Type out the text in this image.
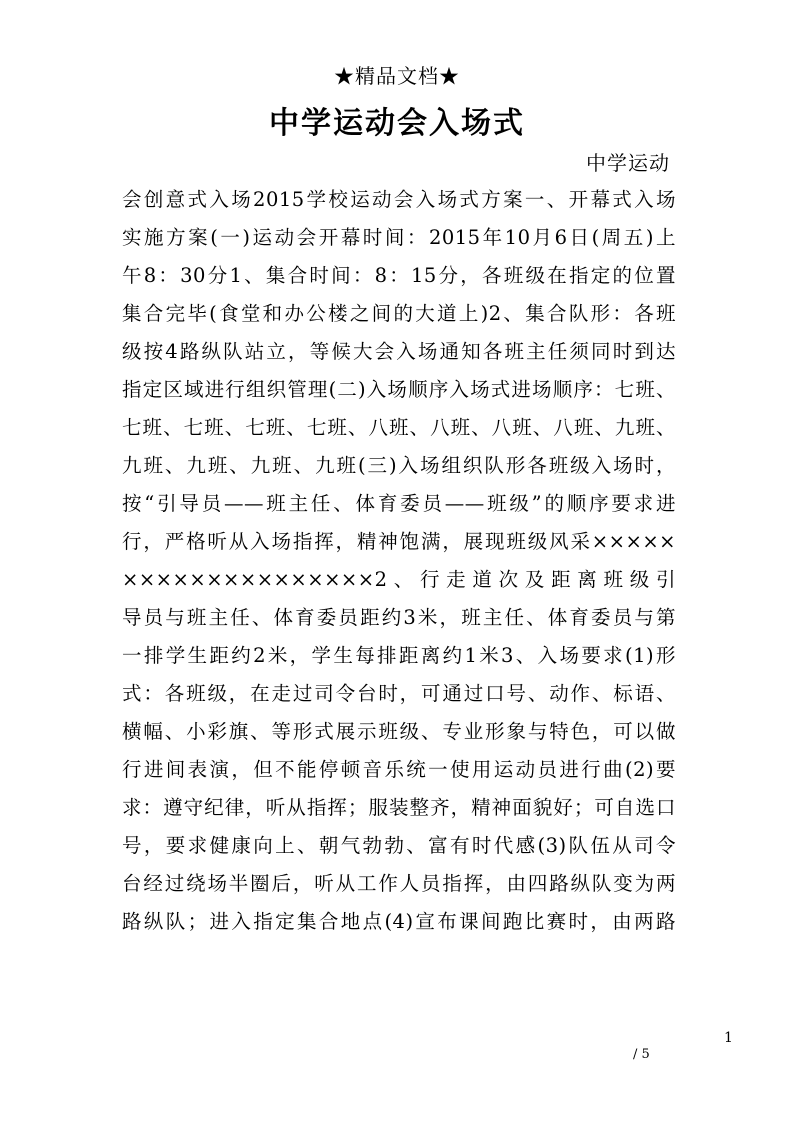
★精品文档★
中学运动会入场式
中学运动
会创意式入场2015学校运动会入场式方案一、开幕式入场
实施方案(一)运动会开幕时间：2015年10月6日(周五)上
午8：30分1、集合时间：8：15分，各班级在指定的位置
集合完毕(食堂和办公楼之间的大道上)2、集合队形：各班
级按4路纵队站立，等候大会入场通知各班主任须同时到达
指定区域进行组织管理(二)入场顺序入场式进场顺序：七班、
七班、七班、七班、七班、八班、八班、八班、八班、九班、
九班、九班、九班、九班(三)入场组织队形各班级入场时，
按“引导员——班主任、体育委员——班级”的顺序要求进
行，严格听从入场指挥，精神饱满，展现班级风采×××××
×××××××××××××××2、行走道次及距离班级引
导员与班主任、体育委员距约3米，班主任、体育委员与第
一排学生距约2米，学生每排距离约1米3、入场要求(1)形
式：各班级，在走过司令台时，可通过口号、动作、标语、
横幅、小彩旗、等形式展示班级、专业形象与特色，可以做
行进间表演，但不能停顿音乐统一使用运动员进行曲(2)要
求：遵守纪律，听从指挥；服装整齐，精神面貌好；可自选口
号，要求健康向上、朝气勃勃、富有时代感(3)队伍从司令
台经过绕场半圈后，听从工作人员指挥，由四路纵队变为两
路纵队；进入指定集合地点(4)宣布课间跑比赛时，由两路
1
/ 5
